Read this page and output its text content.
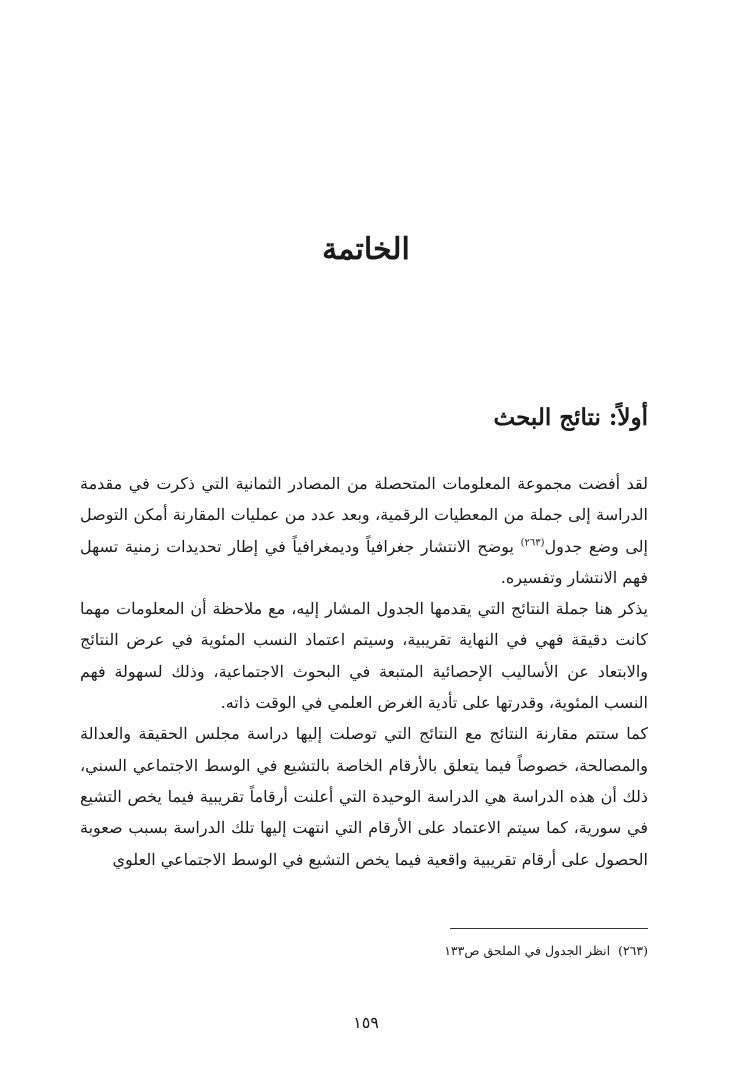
الخاتمة
أولاً: نتائج البحث

لقد أفضت مجموعة المعلومات المتحصلة من المصادر الثمانية التي ذكرت في مقدمة الدراسة إلى جملة من المعطيات الرقمية، وبعد عدد من عمليات المقارنة أمكن التوصل إلى وضع جدول$^{(٢٦٣)}$ يوضح الانتشار جغرافياً وديمغرافياً في إطار تحديدات زمنية تسهل فهم الانتشار وتفسيره.

يذكر هنا جملة النتائج التي يقدمها الجدول المشار إليه، مع ملاحظة أن المعلومات مهما كانت دقيقة فهي في النهاية تقريبية، وسيتم اعتماد النسب المئوية في عرض النتائج والابتعاد عن الأساليب الإحصائية المتبعة في البحوث الاجتماعية، وذلك لسهولة فهم النسب المئوية، وقدرتها على تأدية الغرض العلمي في الوقت ذاته.

كما ستتم مقارنة النتائج مع النتائج التي توصلت إليها دراسة مجلس الحقيقة والعدالة والمصالحة، خصوصاً فيما يتعلق بالأرقام الخاصة بالتشيع في الوسط الاجتماعي السني، ذلك أن هذه الدراسة هي الدراسة الوحيدة التي أعلنت أرقاماً تقريبية فيما يخص التشيع في سورية، كما سيتم الاعتماد على الأرقام التي انتهت إليها تلك الدراسة بسبب صعوبة الحصول على أرقام تقريبية واقعية فيما يخص التشيع في الوسط الاجتماعي العلوي

(٢٦٣)انظر الجدول في الملحق ص١٣٣
١٥٩
